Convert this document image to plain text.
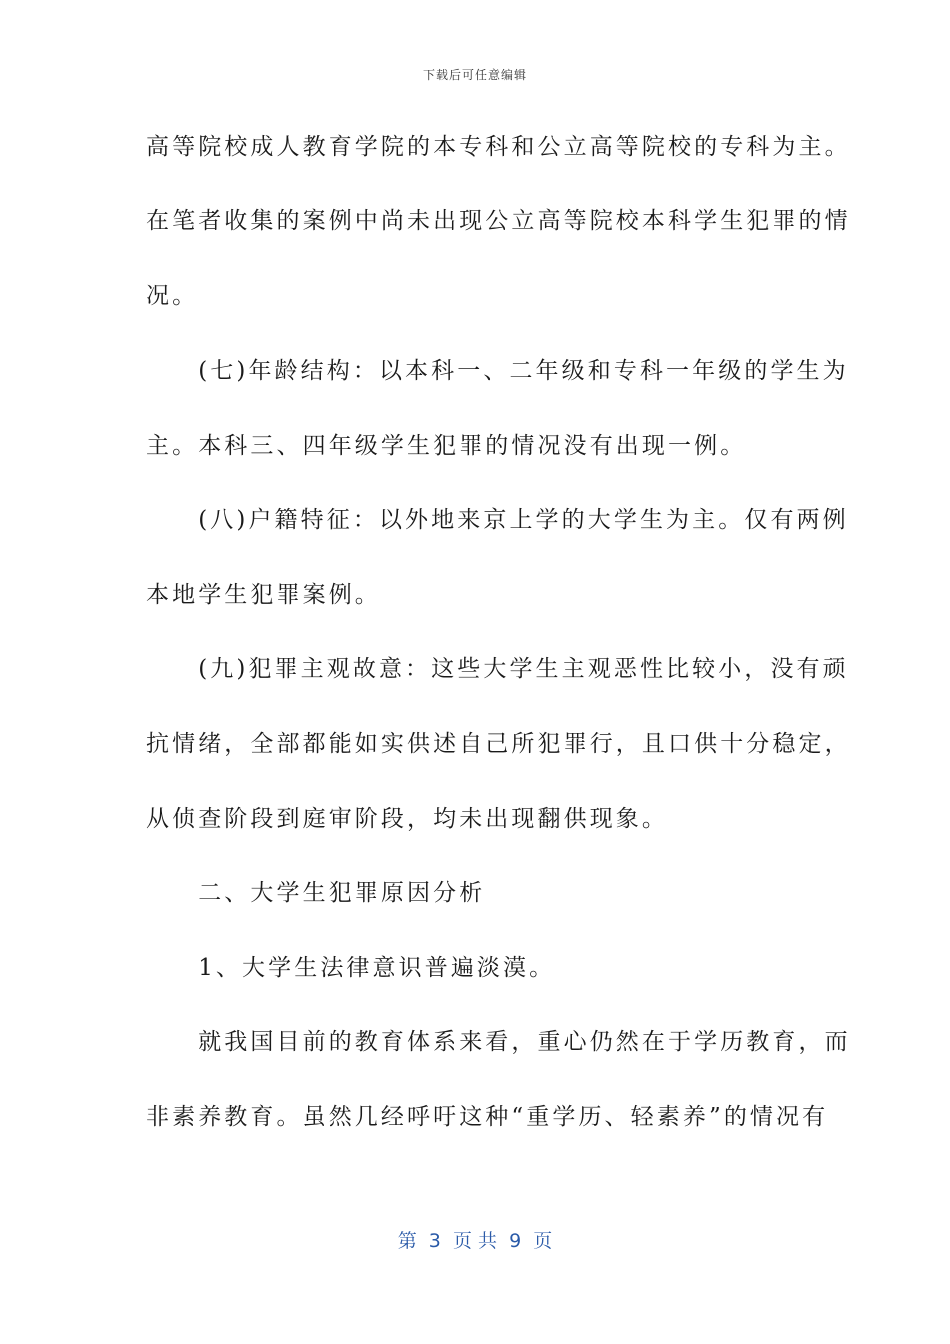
下载后可任意编辑
高等院校成人教育学院的本专科和公立高等院校的专科为主。
在笔者收集的案例中尚未出现公立高等院校本科学生犯罪的情
况。
　　(七)年龄结构：以本科一、二年级和专科一年级的学生为
主。本科三、四年级学生犯罪的情况没有出现一例。
　　(八)户籍特征：以外地来京上学的大学生为主。仅有两例
本地学生犯罪案例。
　　(九)犯罪主观故意：这些大学生主观恶性比较小，没有顽
抗情绪，全部都能如实供述自己所犯罪行，且口供十分稳定，
从侦查阶段到庭审阶段，均未出现翻供现象。
　　二、大学生犯罪原因分析
　　1、大学生法律意识普遍淡漠。
　　就我国目前的教育体系来看，重心仍然在于学历教育，而
非素养教育。虽然几经呼吁这种“重学历、轻素养”的情况有
第  3  页 共  9  页
